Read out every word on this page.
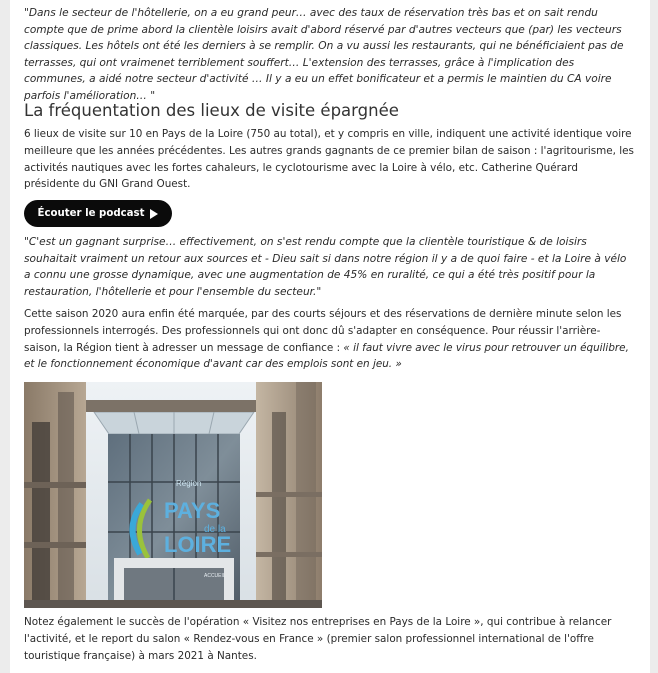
"Dans le secteur de l'hôtellerie, on a eu grand peur… avec des taux de réservation très bas et on sait rendu compte que de prime abord la clientèle loisirs avait d'abord réservé par d'autres vecteurs que (par) les vecteurs classiques. Les hôtels ont été les derniers à se remplir. On a vu aussi les restaurants, qui ne bénéficiaient pas de terrasses, qui ont vraimenet terriblement souffert… L'extension des terrasses, grâce à l'implication des communes, a aidé notre secteur d'activité … Il y a eu un effet bonificateur et a permis le maintien du CA voire parfois l'amélioration… "

La fréquentation des lieux de visite épargnée

6 lieux de visite sur 10 en Pays de la Loire (750 au total), et y compris en ville, indiquent une activité identique voire meilleure que les années précédentes. Les autres grands gagnants de ce premier bilan de saison : l'agritourisme, les activités nautiques avec les fortes cahaleurs, le cyclotourisme avec la Loire à vélo, etc. Catherine Quérard présidente du GNI Grand Ouest.

Écouter le podcast

"C'est un gagnant surprise… effectivement, on s'est rendu compte que la clientèle touristique & de loisirs souhaitait vraiment un retour aux sources et - Dieu sait si dans notre région il y a de quoi faire - et la Loire à vélo a connu une grosse dynamique, avec une augmentation de 45% en ruralité, ce qui a été très positif pour la restauration, l'hôtellerie et pour l'ensemble du secteur."

Cette saison 2020 aura enfin été marquée, par des courts séjours et des réservations de dernière minute selon les professionnels interrogés. Des professionnels qui ont donc dû s'adapter en conséquence. Pour réussir l'arrière-saison, la Région tient à adresser un message de confiance : « il faut vivre avec le virus pour retrouver un équilibre, et le fonctionnement économique d'avant car des emplois sont en jeu. »

Région
PAYS
de la
LOIRE
ACCUEIL

Notez également le succès de l'opération « Visitez nos entreprises en Pays de la Loire », qui contribue à relancer l'activité, et le report du salon « Rendez-vous en France » (premier salon professionnel international de l'offre touristique française) à mars 2021 à Nantes.
